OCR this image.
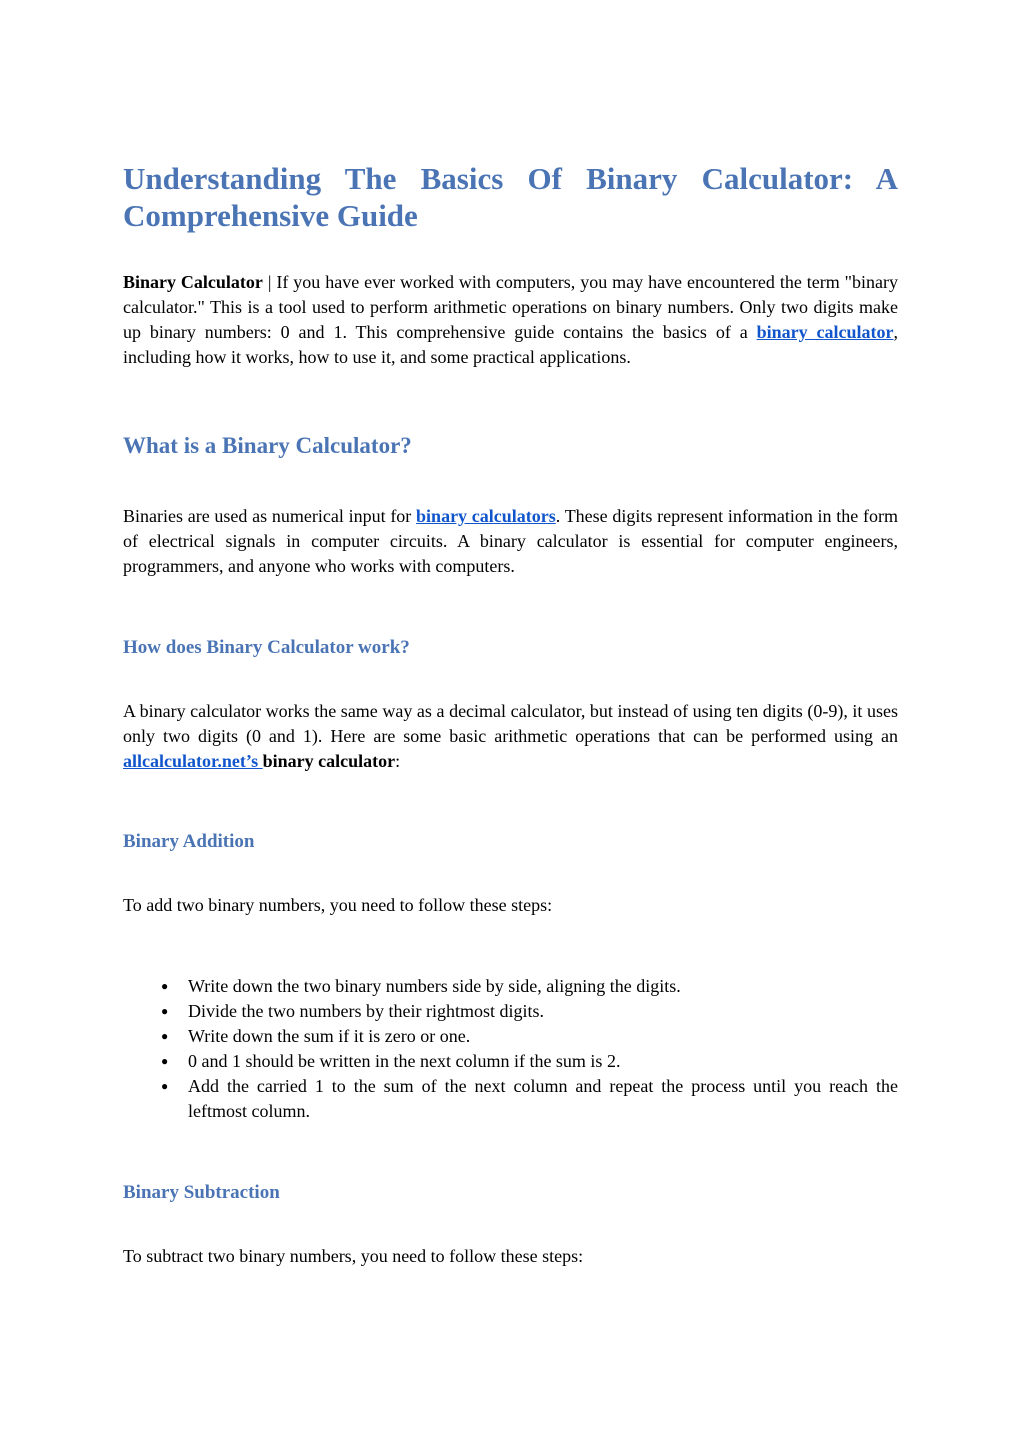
Understanding The Basics Of Binary Calculator: A Comprehensive Guide

Binary Calculator | If you have ever worked with computers, you may have encountered the term "binary calculator." This is a tool used to perform arithmetic operations on binary numbers. Only two digits make up binary numbers: 0 and 1. This comprehensive guide contains the basics of a binary calculator, including how it works, how to use it, and some practical applications.

What is a Binary Calculator?

Binaries are used as numerical input for binary calculators. These digits represent information in the form of electrical signals in computer circuits. A binary calculator is essential for computer engineers, programmers, and anyone who works with computers.

How does Binary Calculator work?

A binary calculator works the same way as a decimal calculator, but instead of using ten digits (0-9), it uses only two digits (0 and 1). Here are some basic arithmetic operations that can be performed using an allcalculator.net’s binary calculator:

Binary Addition

To add two binary numbers, you need to follow these steps:

● Write down the two binary numbers side by side, aligning the digits.
● Divide the two numbers by their rightmost digits.
● Write down the sum if it is zero or one.
● 0 and 1 should be written in the next column if the sum is 2.
● Add the carried 1 to the sum of the next column and repeat the process until you reach the leftmost column.
Binary Subtraction

To subtract two binary numbers, you need to follow these steps:
